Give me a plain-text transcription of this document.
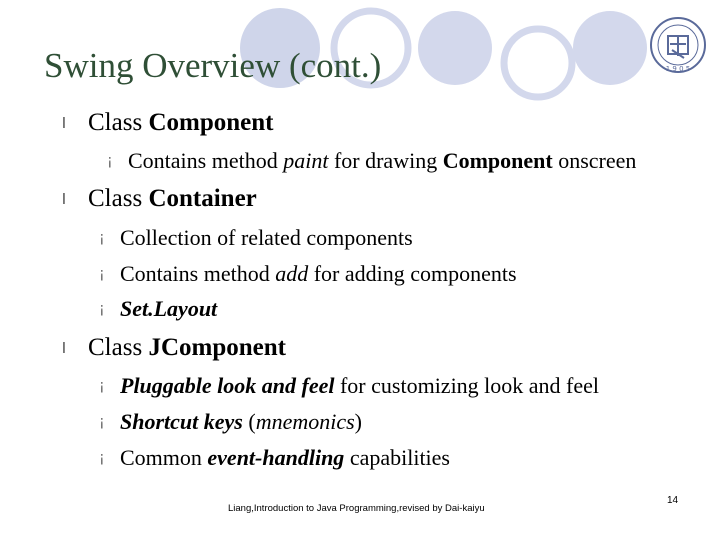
1 9 0 5
Swing Overview (cont.)
l Class Component
¡ Contains method paint for drawing Component onscreen
l Class Container
¡ Collection of related components
¡ Contains method add for adding components
¡ Set.Layout
l Class JComponent
¡ Pluggable look and feel for customizing look and feel
¡ Shortcut keys (mnemonics)
¡ Common event-handling capabilities
Liang,Introduction to Java Programming,revised by Dai-kaiyu
14
